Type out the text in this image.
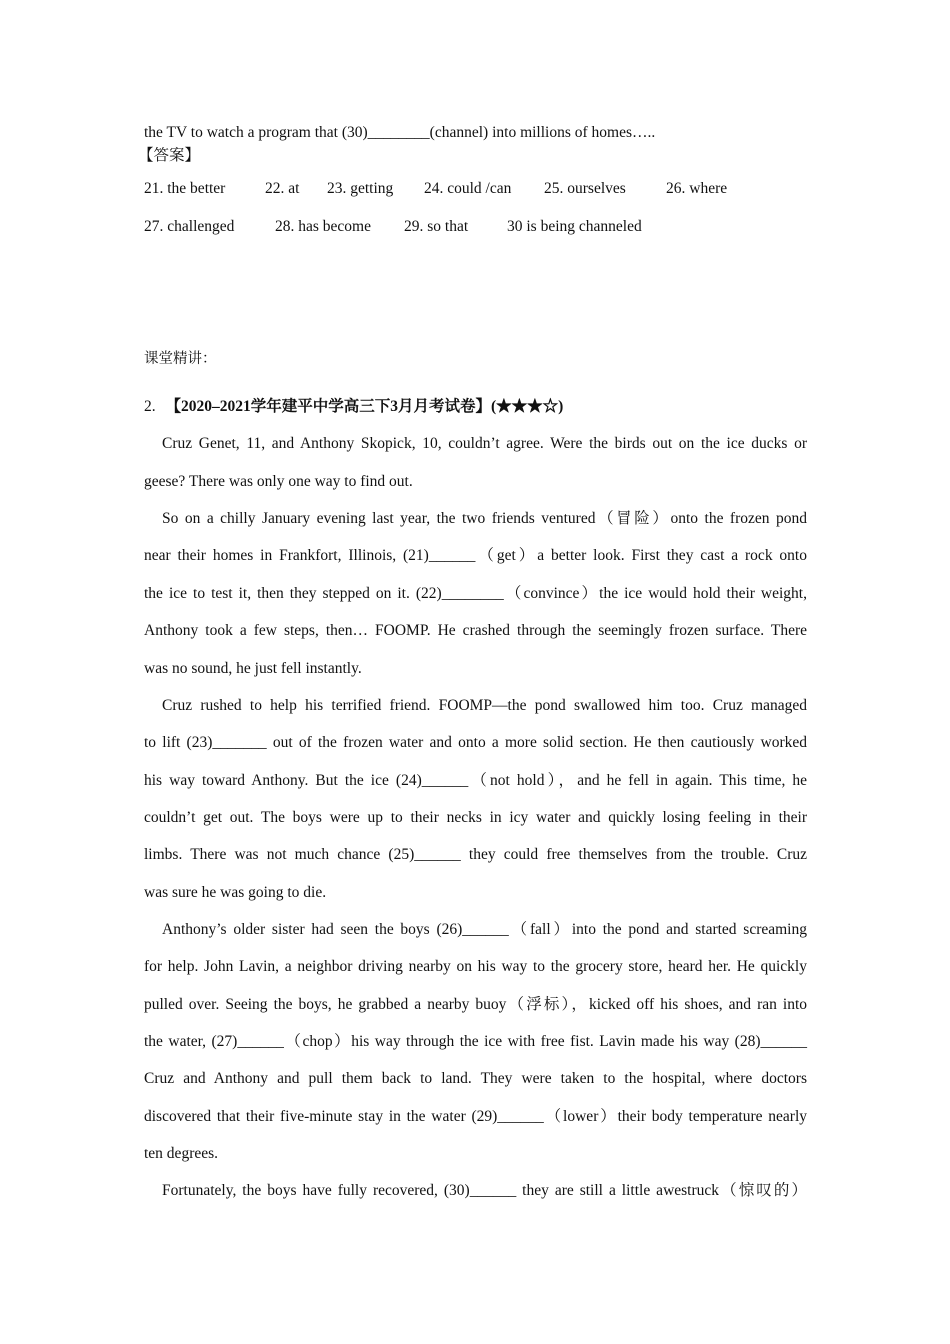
the TV to watch a program that (30)________(channel) into millions of homes…..
【答案】
21. the better	22. at 23. getting 24. could /can 25. ourselves	26. where
27. challenged	28. has become 29. so that	30 is being channeled
课堂精讲：
2. 【2020‒2021学年建平中学高三下3月月考试卷】(★★★☆)
Cruz Genet, 11, and Anthony Skopick, 10, couldn’t agree. Were the birds out on the ice ducks or
geese? There was only one way to find out.
So on a chilly January evening last year, the two friends ventured（冒险）onto the frozen pond
near their homes in Frankfort, Illinois, (21)______（get）a better look. First they cast a rock onto
the ice to test it, then they stepped on it. (22)________（convince）the ice would hold their weight,
Anthony took a few steps, then… FOOMP. He crashed through the seemingly frozen surface. There
was no sound, he just fell instantly.
Cruz rushed to help his terrified friend. FOOMP—the pond swallowed him too. Cruz managed
to lift (23)_______ out of the frozen water and onto a more solid section. He then cautiously worked
his way toward Anthony. But the ice (24)______（not hold），and he fell in again. This time, he
couldn’t get out. The boys were up to their necks in icy water and quickly losing feeling in their
limbs. There was not much chance (25)______ they could free themselves from the trouble. Cruz
was sure he was going to die.
Anthony’s older sister had seen the boys (26)______（fall）into the pond and started screaming
for help. John Lavin, a neighbor driving nearby on his way to the grocery store, heard her. He quickly
pulled over. Seeing the boys, he grabbed a nearby buoy（浮标），kicked off his shoes, and ran into
the water, (27)______（chop）his way through the ice with free fist. Lavin made his way (28)______
Cruz and Anthony and pull them back to land. They were taken to the hospital, where doctors
discovered that their five-minute stay in the water (29)______（lower）their body temperature nearly
ten degrees.
Fortunately, the boys have fully recovered, (30)______ they are still a little awestruck（惊叹的）
